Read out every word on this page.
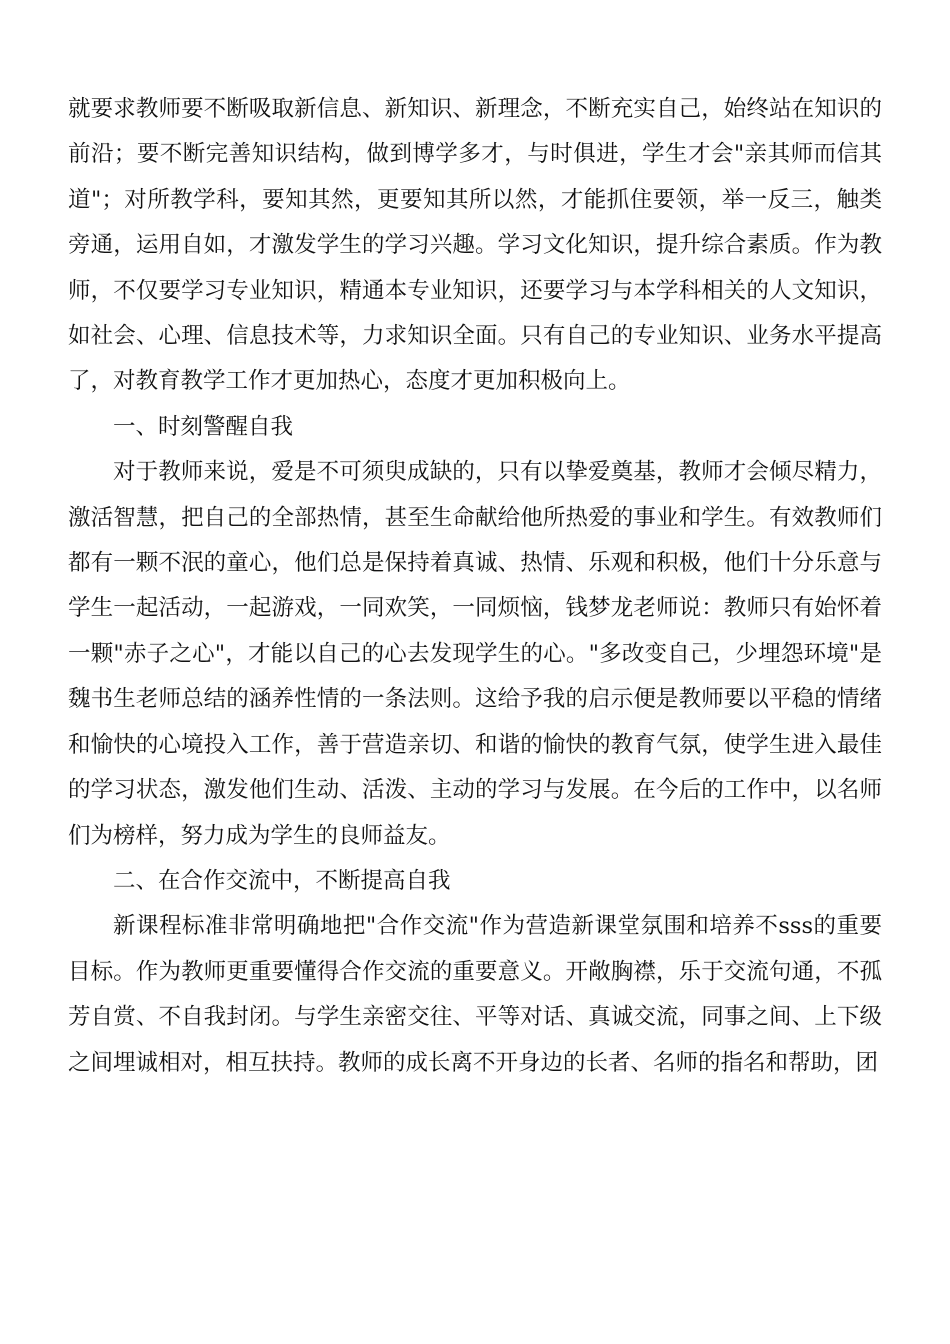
就要求教师要不断吸取新信息、新知识、新理念，不断充实自己，始终站在知识的前沿；要不断完善知识结构，做到博学多才，与时俱进，学生才会"亲其师而信其道"；对所教学科，要知其然，更要知其所以然，才能抓住要领，举一反三，触类旁通，运用自如，才激发学生的学习兴趣。学习文化知识，提升综合素质。作为教师，不仅要学习专业知识，精通本专业知识，还要学习与本学科相关的人文知识，如社会、心理、信息技术等，力求知识全面。只有自己的专业知识、业务水平提高了，对教育教学工作才更加热心，态度才更加积极向上。

一、时刻警醒自我

对于教师来说，爱是不可须臾成缺的，只有以挚爱奠基，教师才会倾尽精力，激活智慧，把自己的全部热情，甚至生命献给他所热爱的事业和学生。有效教师们都有一颗不泯的童心，他们总是保持着真诚、热情、乐观和积极，他们十分乐意与学生一起活动，一起游戏，一同欢笑，一同烦恼，钱梦龙老师说：教师只有始怀着一颗"赤子之心"，才能以自己的心去发现学生的心。"多改变自己，少埋怨环境"是魏书生老师总结的涵养性情的一条法则。这给予我的启示便是教师要以平稳的情绪和愉快的心境投入工作，善于营造亲切、和谐的愉快的教育气氛，使学生进入最佳的学习状态，激发他们生动、活泼、主动的学习与发展。在今后的工作中，以名师们为榜样，努力成为学生的良师益友。

二、在合作交流中，不断提高自我

新课程标准非常明确地把"合作交流"作为营造新课堂氛围和培养不sss的重要目标。作为教师更重要懂得合作交流的重要意义。开敞胸襟，乐于交流句通，不孤芳自赏、不自我封闭。与学生亲密交往、平等对话、真诚交流，同事之间、上下级之间埋诚相对，相互扶持。教师的成长离不开身边的长者、名师的指名和帮助，团
